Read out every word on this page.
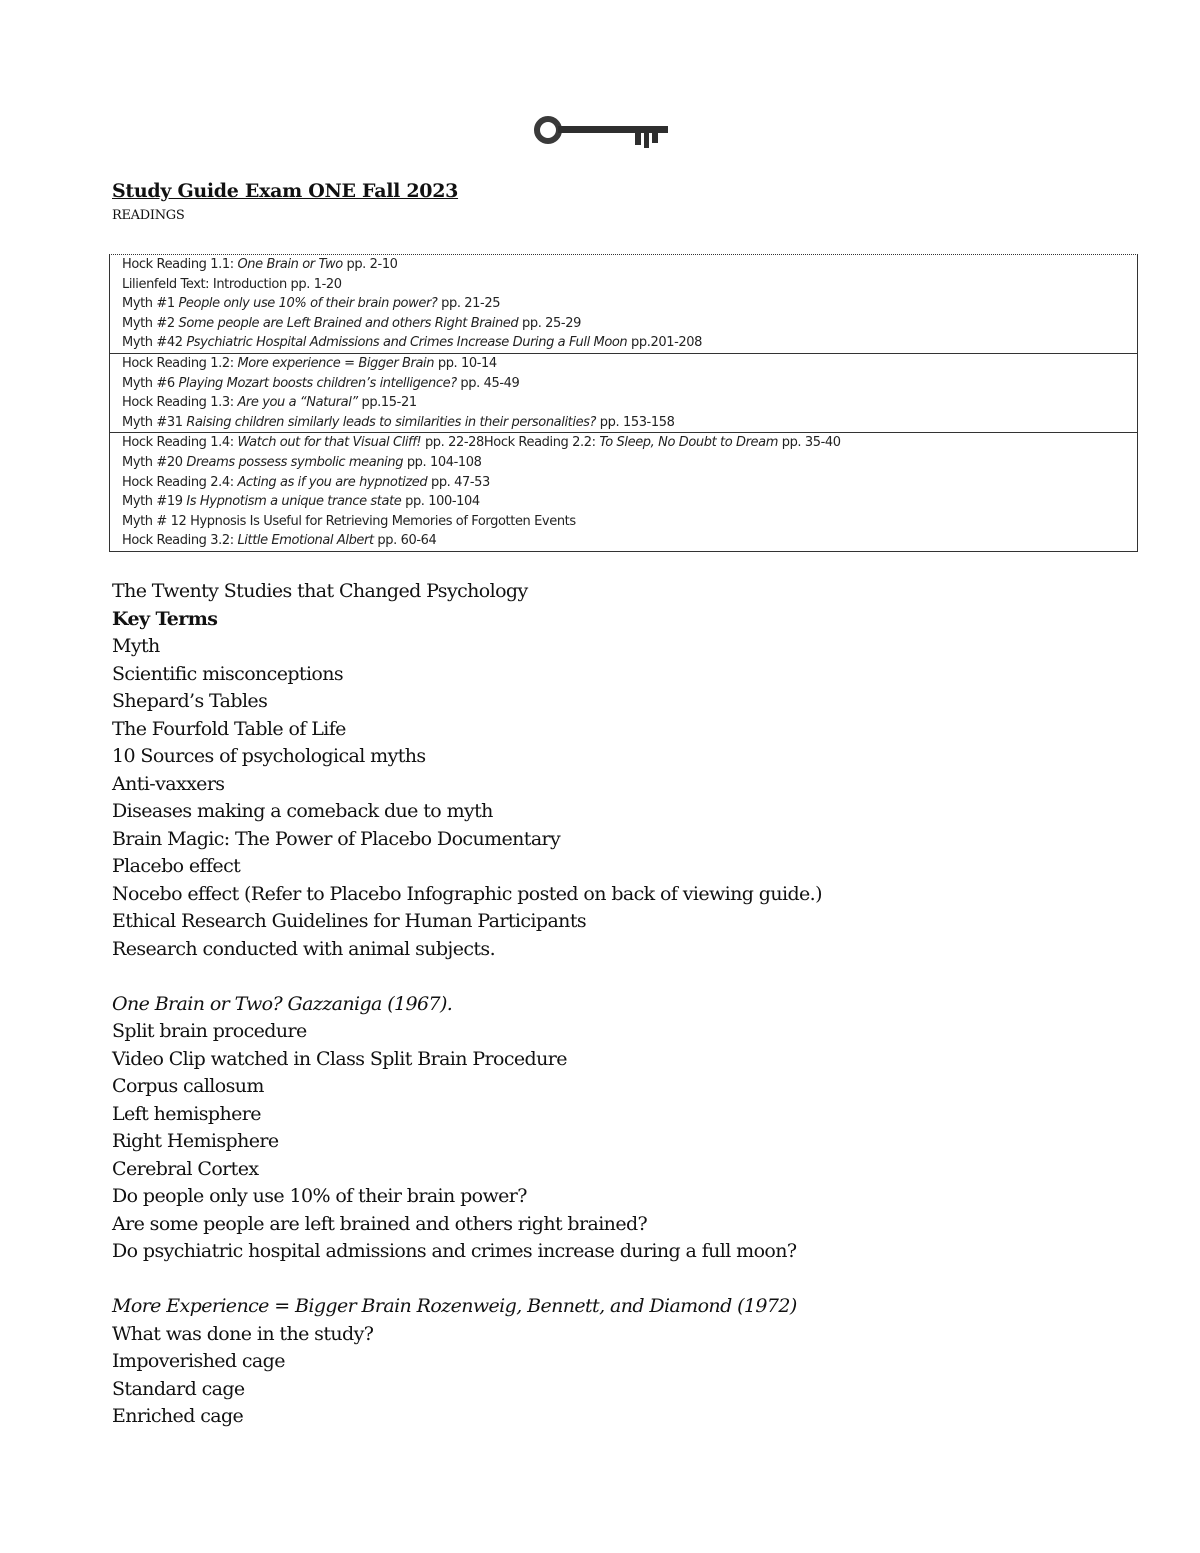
Study Guide Exam ONE Fall 2023

READINGS

Hock Reading 1.1: One Brain or Two pp. 2-10
Lilienfeld Text: Introduction pp. 1-20
Myth #1 People only use 10% of their brain power? pp. 21-25
Myth #2 Some people are Left Brained and others Right Brained pp. 25-29
Myth #42 Psychiatric Hospital Admissions and Crimes Increase During a Full Moon pp.201-208
Hock Reading 1.2: More experience = Bigger Brain pp. 10-14
Myth #6 Playing Mozart boosts children’s intelligence? pp. 45-49
Hock Reading 1.3: Are you a “Natural” pp.15-21
Myth #31 Raising children similarly leads to similarities in their personalities? pp. 153-158
Hock Reading 1.4: Watch out for that Visual Cliff! pp. 22-28Hock Reading 2.2: To Sleep, No Doubt to Dream pp. 35-40
Myth #20 Dreams possess symbolic meaning pp. 104-108
Hock Reading 2.4: Acting as if you are hypnotized pp. 47-53
Myth #19 Is Hypnotism a unique trance state pp. 100-104
Myth # 12 Hypnosis Is Useful for Retrieving Memories of Forgotten Events
Hock Reading 3.2: Little Emotional Albert pp. 60-64
The Twenty Studies that Changed Psychology
Key Terms
Myth
Scientific misconceptions
Shepard’s Tables
The Fourfold Table of Life
10 Sources of psychological myths
Anti-vaxxers
Diseases making a comeback due to myth
Brain Magic: The Power of Placebo Documentary
Placebo effect
Nocebo effect (Refer to Placebo Infographic posted on back of viewing guide.)
Ethical Research Guidelines for Human Participants
Research conducted with animal subjects.
One Brain or Two? Gazzaniga (1967).
Split brain procedure
Video Clip watched in Class Split Brain Procedure
Corpus callosum
Left hemisphere
Right Hemisphere
Cerebral Cortex
Do people only use 10% of their brain power?
Are some people are left brained and others right brained?
Do psychiatric hospital admissions and crimes increase during a full moon?
More Experience = Bigger Brain Rozenweig, Bennett, and Diamond (1972)
What was done in the study?
Impoverished cage
Standard cage
Enriched cage
